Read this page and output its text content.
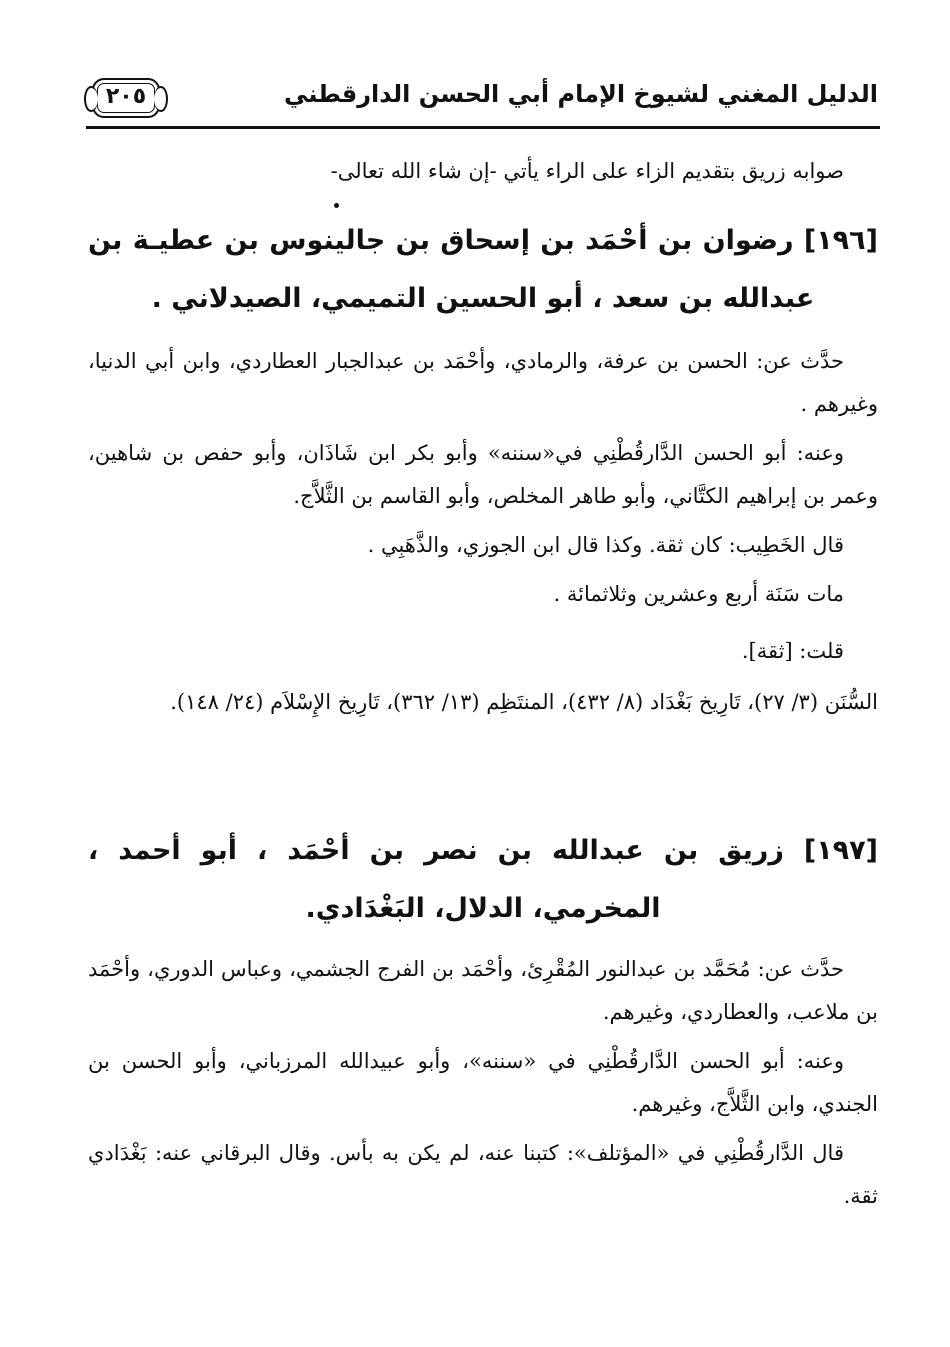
الدليل المغني لشيوخ الإمام أبي الحسن الدارقطني
٢٠٥

صوابه زريق بتقديم الزاء على الراء يأتي -إن شاء الله تعالى-

[١٩٦] رضوان بن أحْمَد بن إسحاق بن جالينوس بن عطيـة بن عبدالله بن سعد ، أبو الحسين التميمي، الصيدلاني .

حدَّث عن: الحسن بن عرفة، والرمادي، وأحْمَد بن عبدالجبار العطاردي، وابن أبي الدنيا، وغيرهم .

وعنه: أبو الحسن الدَّارقُطْنِي في«سننه» وأبو بكر ابن شَاذَان، وأبو حفص بن شاهين، وعمر بن إبراهيم الكتَّاني، وأبو طاهر المخلص، وأبو القاسم بن الثَّلاَّج.

قال الخَطِيب: كان ثقة. وكذا قال ابن الجوزي، والذَّهَبِي .

مات سَنَة أربع وعشرين وثلاثمائة .

قلت: [ثقة].

السُّنَن (٣/ ٢٧)، تَارِيخ بَغْدَاد (٨/ ٤٣٢)، المنتَظِم (١٣/ ٣٦٢)، تَارِيخ الإِسْلاَم (٢٤/ ١٤٨).

[١٩٧] زريق بن عبدالله بن نصر بن أحْمَد ، أبو أحمد ، المخرمي، الدلال، البَغْدَادي.

حدَّث عن: مُحَمَّد بن عبدالنور المُقْرِئ، وأحْمَد بن الفرج الجشمي، وعباس الدوري، وأحْمَد بن ملاعب، والعطاردي، وغيرهم.

وعنه: أبو الحسن الدَّارقُطْنِي في «سننه»، وأبو عبيدالله المرزباني، وأبو الحسن بن الجندي، وابن الثَّلاَّج، وغيرهم.

قال الدَّارقُطْنِي في «المؤتلف»: كتبنا عنه، لم يكن به بأس. وقال البرقاني عنه: بَغْدَادي ثقة.
